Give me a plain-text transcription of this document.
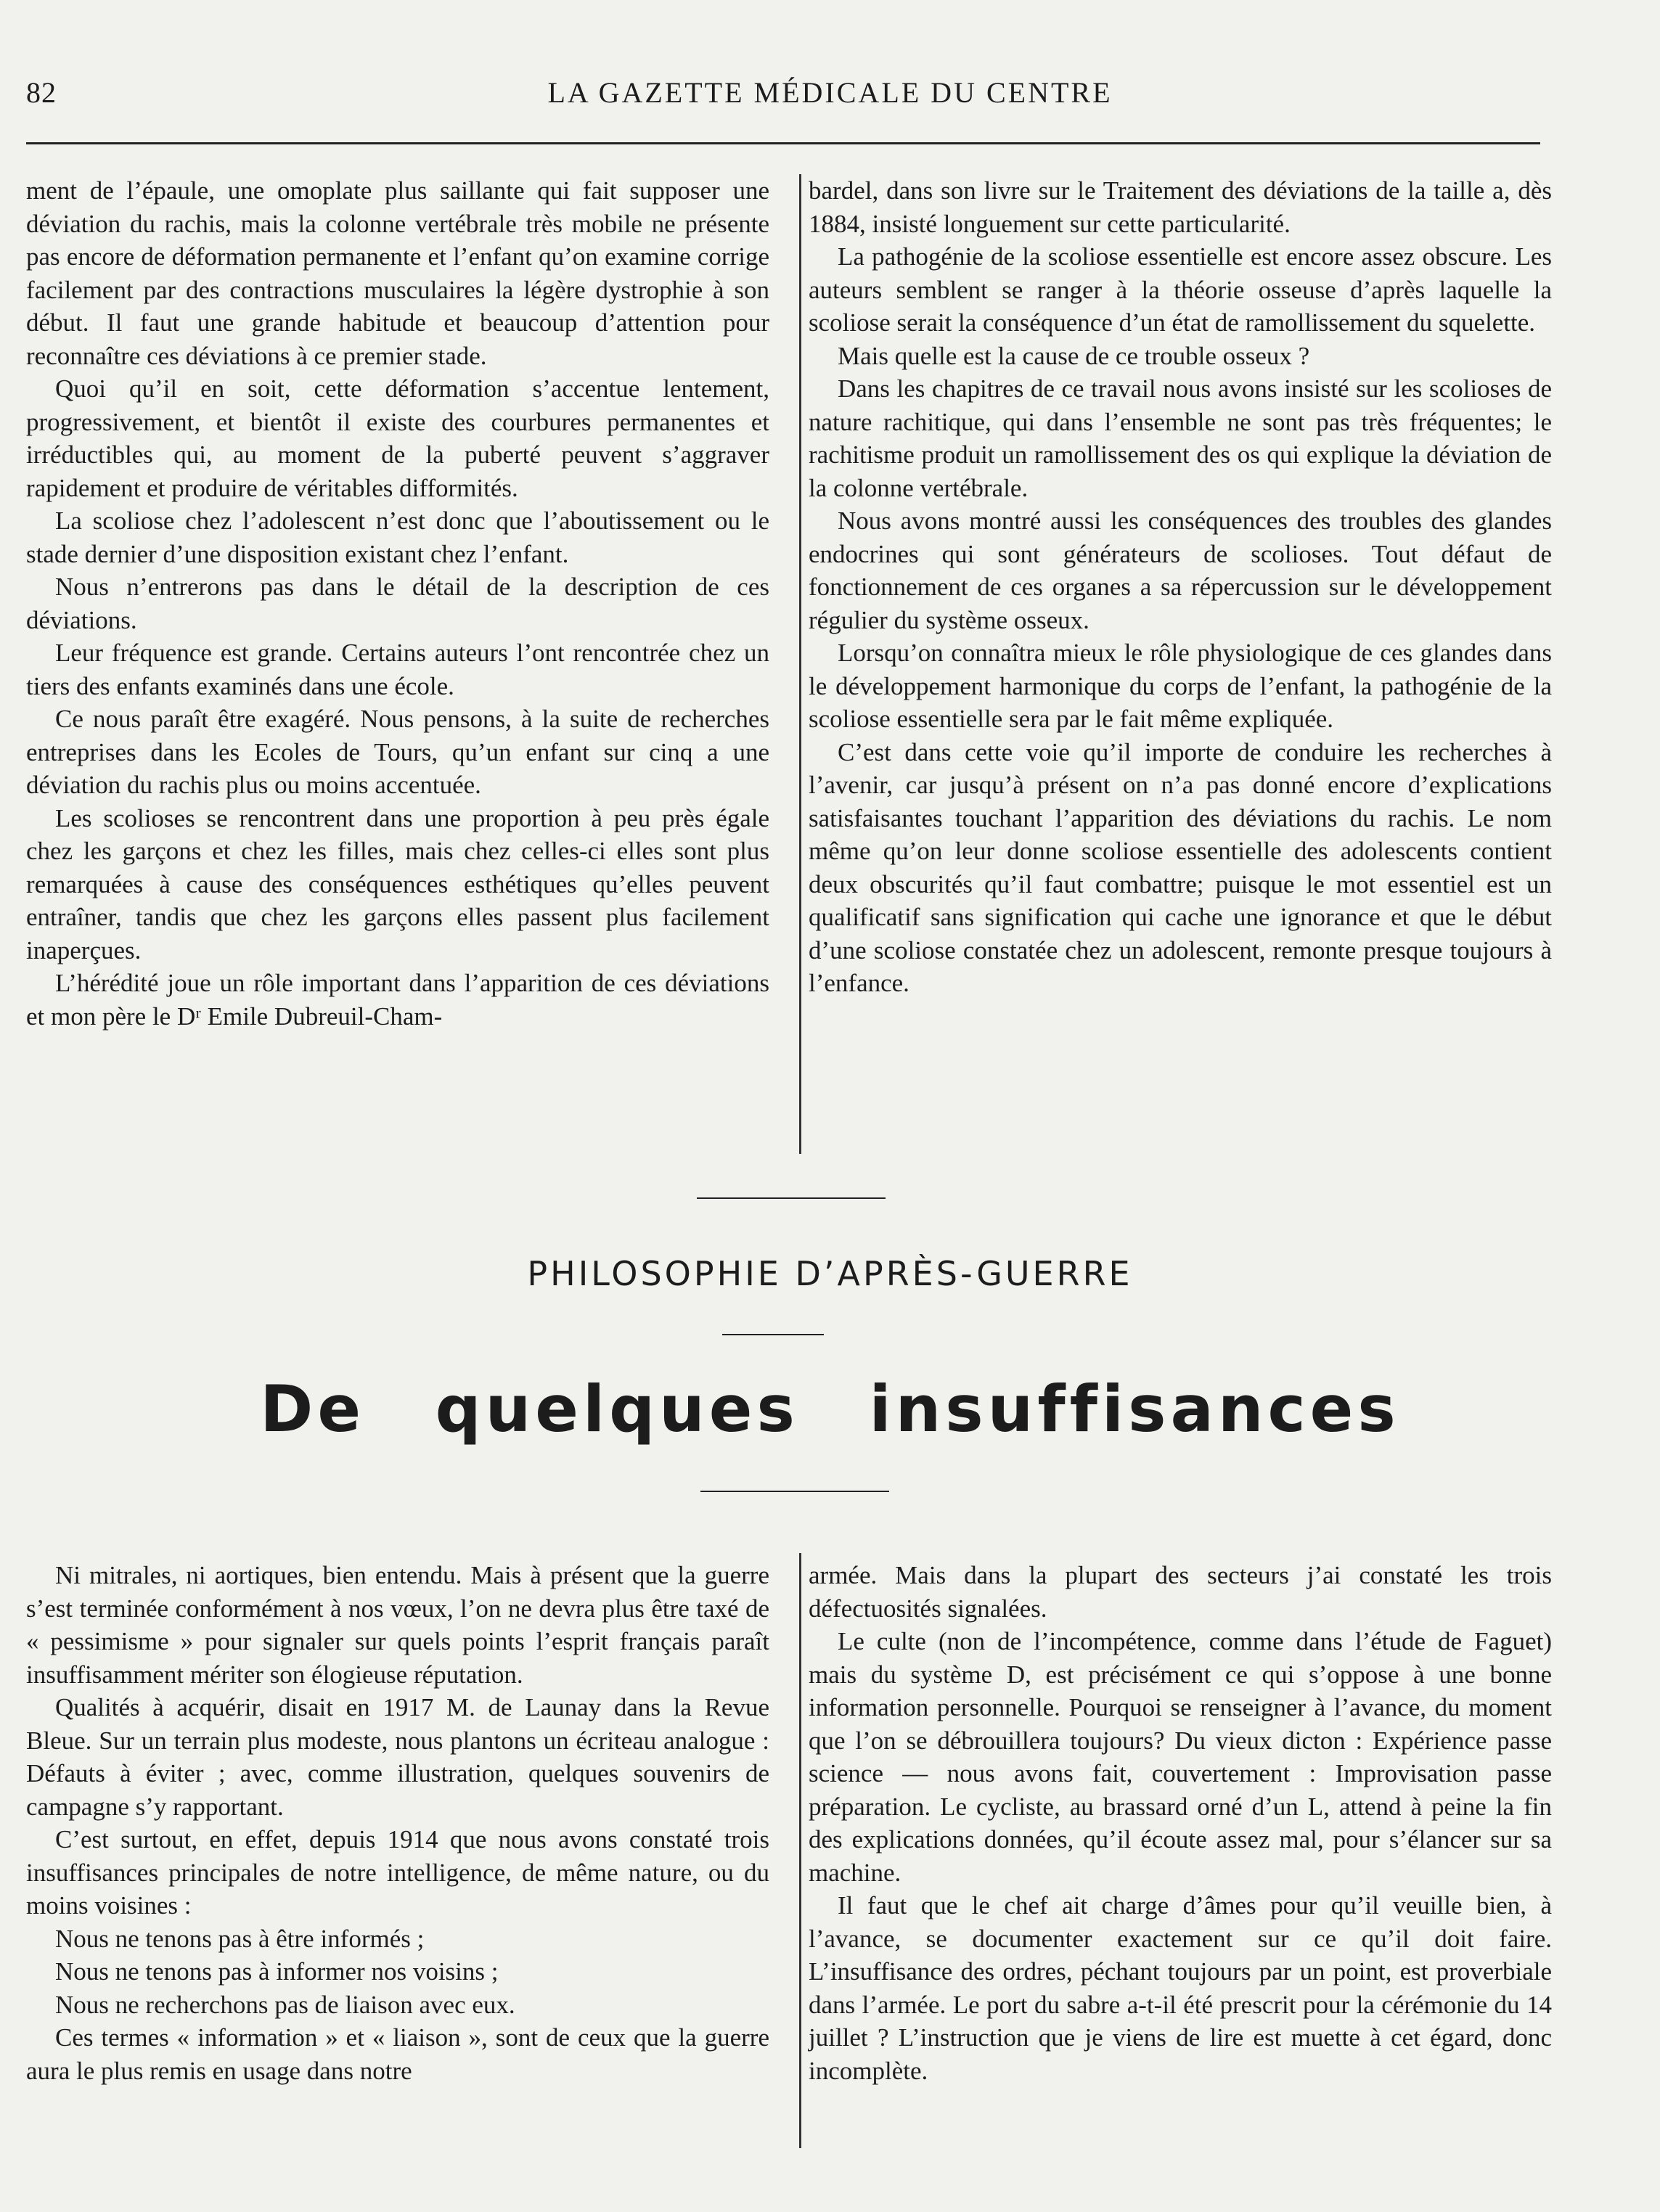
82	LA GAZETTE MÉDICALE DU CENTRE

ment de l’épaule, une omoplate plus saillante qui fait supposer une déviation du rachis, mais la colonne vertébrale très mobile ne présente pas encore de déformation permanente et l’enfant qu’on examine corrige facilement par des contractions musculaires la légère dystrophie à son début. Il faut une grande habitude et beaucoup d’attention pour reconnaître ces déviations à ce premier stade.

Quoi qu’il en soit, cette déformation s’accentue lentement, progressivement, et bientôt il existe des courbures permanentes et irréductibles qui, au moment de la puberté peuvent s’aggraver rapidement et produire de véritables difformités.

La scoliose chez l’adolescent n’est donc que l’aboutissement ou le stade dernier d’une disposition existant chez l’enfant.

Nous n’entrerons pas dans le détail de la description de ces déviations.

Leur fréquence est grande. Certains auteurs l’ont rencontrée chez un tiers des enfants examinés dans une école.

Ce nous paraît être exagéré. Nous pensons, à la suite de recherches entreprises dans les Ecoles de Tours, qu’un enfant sur cinq a une déviation du rachis plus ou moins accentuée.

Les scolioses se rencontrent dans une proportion à peu près égale chez les garçons et chez les filles, mais chez celles-ci elles sont plus remarquées à cause des conséquences esthétiques qu’elles peuvent entraîner, tandis que chez les garçons elles passent plus facilement inaperçues.

L’hérédité joue un rôle important dans l’apparition de ces déviations et mon père le Dʳ Emile Dubreuil-Cham-

bardel, dans son livre sur le Traitement des déviations de la taille a, dès 1884, insisté longuement sur cette particularité.

La pathogénie de la scoliose essentielle est encore assez obscure. Les auteurs semblent se ranger à la théorie osseuse d’après laquelle la scoliose serait la conséquence d’un état de ramollissement du squelette.

Mais quelle est la cause de ce trouble osseux ?

Dans les chapitres de ce travail nous avons insisté sur les scolioses de nature rachitique, qui dans l’ensemble ne sont pas très fréquentes; le rachitisme produit un ramollissement des os qui explique la déviation de la colonne vertébrale.

Nous avons montré aussi les conséquences des troubles des glandes endocrines qui sont générateurs de scolioses. Tout défaut de fonctionnement de ces organes a sa répercussion sur le développement régulier du système osseux.

Lorsqu’on connaîtra mieux le rôle physiologique de ces glandes dans le développement harmonique du corps de l’enfant, la pathogénie de la scoliose essentielle sera par le fait même expliquée.

C’est dans cette voie qu’il importe de conduire les recherches à l’avenir, car jusqu’à présent on n’a pas donné encore d’explications satisfaisantes touchant l’apparition des déviations du rachis. Le nom même qu’on leur donne scoliose essentielle des adolescents contient deux obscurités qu’il faut combattre; puisque le mot essentiel est un qualificatif sans signification qui cache une ignorance et que le début d’une scoliose constatée chez un adolescent, remonte presque toujours à l’enfance.

PHILOSOPHIE D’APRÈS-GUERRE
De quelques insuffisances

Ni mitrales, ni aortiques, bien entendu. Mais à présent que la guerre s’est terminée conformément à nos vœux, l’on ne devra plus être taxé de « pessimisme » pour signaler sur quels points l’esprit français paraît insuffisamment mériter son élogieuse réputation.

Qualités à acquérir, disait en 1917 M. de Launay dans la Revue Bleue. Sur un terrain plus modeste, nous plantons un écriteau analogue : Défauts à éviter ; avec, comme illustration, quelques souvenirs de campagne s’y rapportant.

C’est surtout, en effet, depuis 1914 que nous avons constaté trois insuffisances principales de notre intelligence, de même nature, ou du moins voisines :

Nous ne tenons pas à être informés ;

Nous ne tenons pas à informer nos voisins ;

Nous ne recherchons pas de liaison avec eux.

Ces termes « information » et « liaison », sont de ceux que la guerre aura le plus remis en usage dans notre

armée. Mais dans la plupart des secteurs j’ai constaté les trois défectuosités signalées.

Le culte (non de l’incompétence, comme dans l’étude de Faguet) mais du système D, est précisément ce qui s’oppose à une bonne information personnelle. Pourquoi se renseigner à l’avance, du moment que l’on se débrouillera toujours? Du vieux dicton : Expérience passe science — nous avons fait, couvertement : Improvisation passe préparation. Le cycliste, au brassard orné d’un L, attend à peine la fin des explications données, qu’il écoute assez mal, pour s’élancer sur sa machine.

Il faut que le chef ait charge d’âmes pour qu’il veuille bien, à l’avance, se documenter exactement sur ce qu’il doit faire. L’insuffisance des ordres, péchant toujours par un point, est proverbiale dans l’armée. Le port du sabre a-t-il été prescrit pour la cérémonie du 14 juillet ? L’instruction que je viens de lire est muette à cet égard, donc incomplète.
